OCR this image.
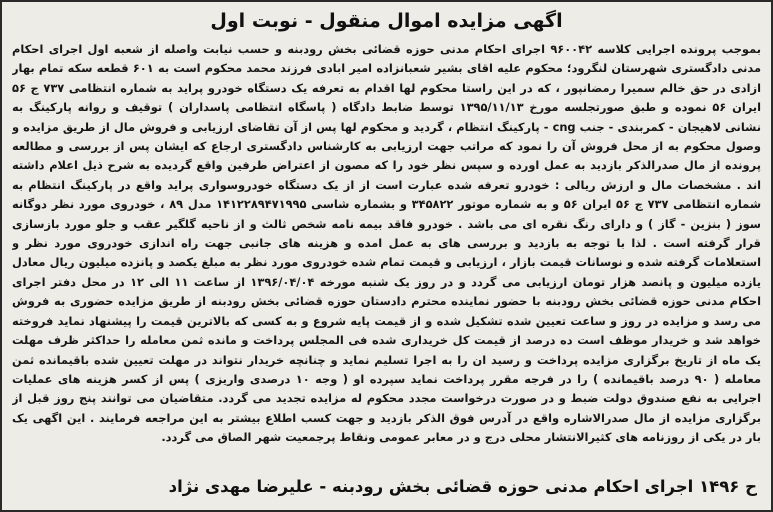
اگهی مزایده اموال منقول - نوبت اول
بموجب پرونده اجرایی کلاسه ۹۶۰۰۴۲ اجرای احکام مدنی حوزه قضائی بخش رودبنه و حسب نیابت واصله از شعبه اول اجرای احکام مدنی دادگستری شهرستان لنگرود؛ محکوم علیه اقای بشیر شعبانزاده امیر ابادی فرزند محمد محکوم است به ۶۰۱ قطعه سکه تمام بهار ازادی در حق خالم سمیرا رمضانپور ، که در این راستا محکوم لها اقدام به تعرفه یک دستگاه خودرو پراید به شماره انتظامی ۷۳۷ ج ۵۶ ایران ۵۶ نموده و طبق صورتجلسه مورخ ۱۳۹۵/۱۱/۱۳ توسط ضابط دادگاه ( پاسگاه انتظامی پاسداران ) توقیف و روانه پارکینگ به نشانی لاهیجان - کمربندی - جنب cng - پارکینگ انتظام ، گردید و محکوم لها پس از آن تقاضای ارزیابی و فروش مال از طریق مزایده و وصول محکوم به از محل فروش آن را نمود که مراتب جهت ارزیابی به کارشناس دادگستری ارجاع که ایشان پس از بررسی و مطالعه پرونده از مال صدرالذکر بازدید به عمل اورده و سپس نظر خود را که مصون از اعتراض طرفین واقع گردیده به شرح ذیل اعلام داشته اند . مشخصات مال و ارزش ریالی : خودرو تعرفه شده عبارت است از از یک دستگاه خودروسواری پراید واقع در پارکینگ انتظام به شماره انتظامی ۷۳۷ ج ۵۶ ایران ۵۶ و به شماره موتور ۳۴۵۸۲۲ و بشماره شاسی ۱۴۱۲۲۸۹۴۷۱۹۹۵ مدل ۸۹ ، خودروی مورد نظر دوگانه سوز ( بنزین - گاز ) و دارای رنگ نقره ای می باشد . خودرو فاقد بیمه نامه شخص ثالث و از ناحیه گلگیر عقب و جلو مورد بازسازی قرار گرفته است . لذا با توجه به بازدید و بررسی های به عمل امده و هزینه های جانبی جهت راه اندازی خودروی مورد نظر و استعلامات گرفته شده و نوسانات قیمت بازار ، ارزیابی و قیمت تمام شده خودروی مورد نظر به مبلغ یکصد و پانزده میلیون ریال معادل یازده میلیون و پانصد هزار تومان ارزیابی می گردد و در روز یک شنبه مورخه ۱۳۹۶/۰۴/۰۴ از ساعت ۱۱ الی ۱۲ در محل دفتر اجرای احکام مدنی حوزه قضائی بخش رودبنه با حضور نماینده محترم دادستان حوزه قضائی بخش رودبنه از طریق مزایده حضوری به فروش می رسد و مزایده در روز و ساعت تعیین شده تشکیل شده و از قیمت پایه شروع و به کسی که بالاترین قیمت را پیشنهاد نماید فروخته خواهد شد و خریدار موظف است ده درصد از قیمت کل خریداری شده فی المجلس پرداخت و مانده ثمن معامله را حداکثر ظرف مهلت یک ماه از تاریخ برگزاری مزایده پرداخت و رسید ان را به اجرا تسلیم نماید و چنانچه خریدار نتواند در مهلت تعیین شده باقیمانده ثمن معامله ( ۹۰ درصد باقیمانده ) را در فرجه مقرر پرداخت نماید سپرده او ( وجه ۱۰ درصدی واریزی ) پس از کسر هزینه های عملیات اجرایی به نفع صندوق دولت ضبط و در صورت درخواست مجدد محکوم له مزایده تجدید می گردد. متقاضیان می توانند پنج روز قبل از برگزاری مزایده از مال صدرالاشاره واقع در آدرس فوق الذکر بازدید و جهت کسب اطلاع بیشتر به این مراجعه فرمایند . این اگهی یک بار در یکی از روزنامه های کثیرالانتشار محلی درج و در معابر عمومی ونقاط پرجمعیت شهر الصاق می گردد.
ح ۱۴۹۶ اجرای احکام مدنی حوزه قضائی بخش رودبنه - علیرضا مهدی نژاد
